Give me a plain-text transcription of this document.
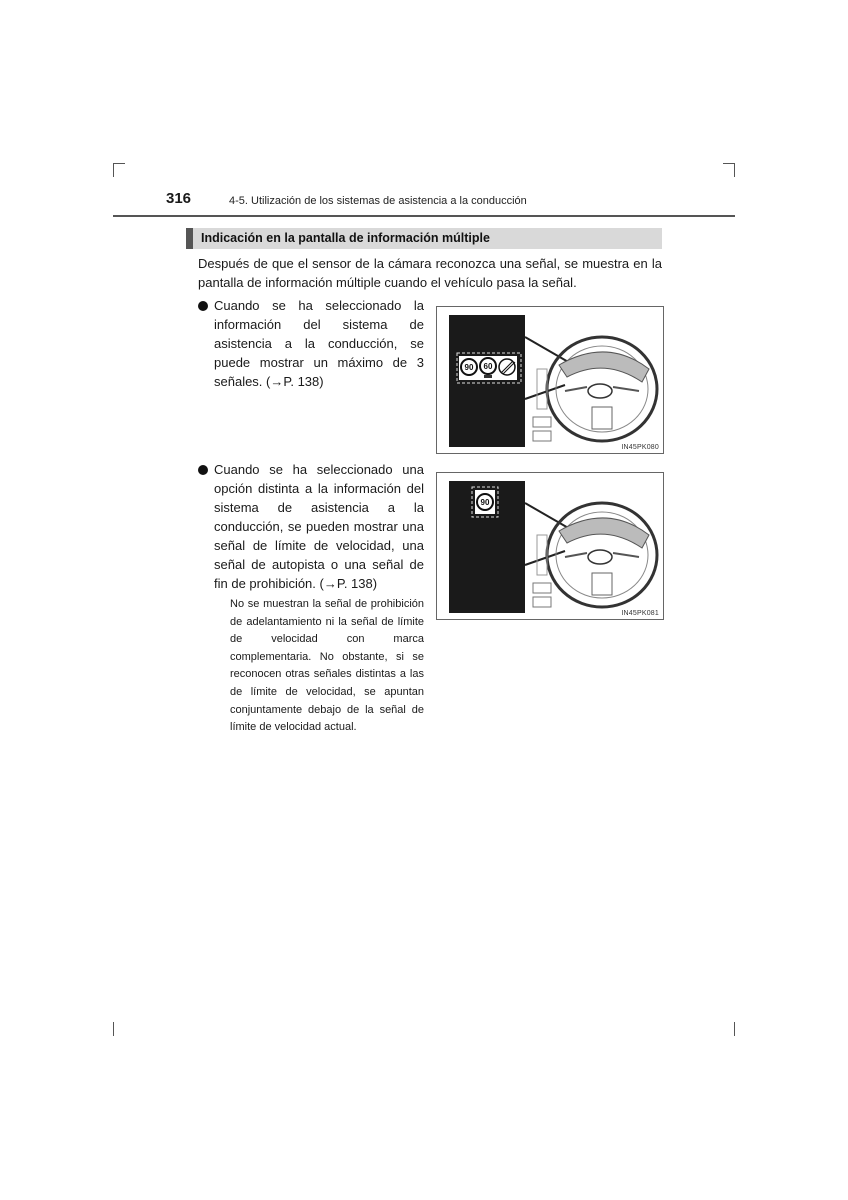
316	4-5. Utilización de los sistemas de asistencia a la conducción
Indicación en la pantalla de información múltiple
Después de que el sensor de la cámara reconozca una señal, se muestra en la pantalla de información múltiple cuando el vehículo pasa la señal.
Cuando se ha seleccionado la información del sistema de asistencia a la conducción, se puede mostrar un máximo de 3 señales. (→P. 138)
90 60
IN45PK080
Cuando se ha seleccionado una opción distinta a la información del sistema de asistencia a la conducción, se pueden mostrar una señal de límite de velocidad, una señal de autopista o una señal de fin de prohibición. (→P. 138)
90
IN45PK081
No se muestran la señal de prohibición de adelantamiento ni la señal de límite de velocidad con marca complementaria. No obstante, si se reconocen otras señales distintas a las de límite de velocidad, se apuntan conjuntamente debajo de la señal de límite de velocidad actual.
